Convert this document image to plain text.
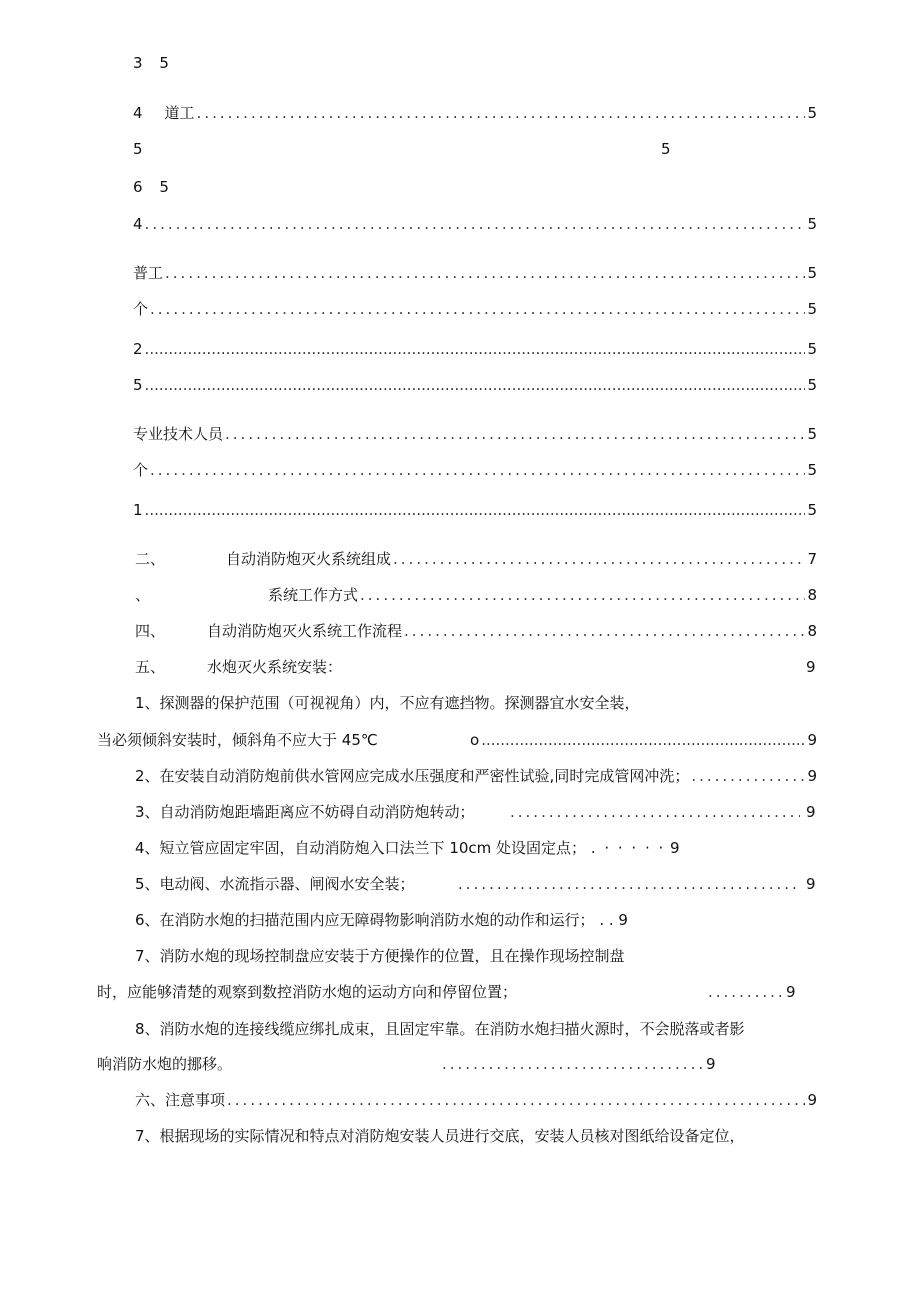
3 5
4 道工 .....	5
5	5
6 5
4 .....	5
普工 .....	5
个 .....	5
2 .....	5
5 .....	5
专业技术人员 .....	5
个 .....	5
1 .....	5
二、	自动消防炮灭火系统组成 .....	7
、	系统工作方式 .....	8
四、	自动消防炮灭火系统工作流程 .....	8
五、	水炮灭火系统安装：	9
1、探测器的保护范围（可视视角）内，不应有遮挡物。探测器宜水安全装，
当必须倾斜安装时，倾斜角不应大于 45℃	o .....	9
2、在安装自动消防炮前供水管网应完成水压强度和严密性试验,同时完成管网冲洗； .....	9
3、自动消防炮距墙距离应不妨碍自动消防炮转动； .....	9
4、短立管应固定牢固，自动消防炮入口法兰下 10cm 处设固定点； . · · · · · 9
5、电动阀、水流指示器、闸阀水安全装； .....	9
6、在消防水炮的扫描范围内应无障碍物影响消防水炮的动作和运行； . . 9
7、消防水炮的现场控制盘应安装于方便操作的位置，且在操作现场控制盘
时，应能够清楚的观察到数控消防水炮的运动方向和停留位置； .....	9
8、消防水炮的连接线缆应绑扎成束，且固定牢靠。在消防水炮扫描火源时，不会脱落或者影
响消防水炮的挪移。 .....	9
六、注意事项 .....	9
7、根据现场的实际情况和特点对消防炮安装人员进行交底，安装人员核对图纸给设备定位，
